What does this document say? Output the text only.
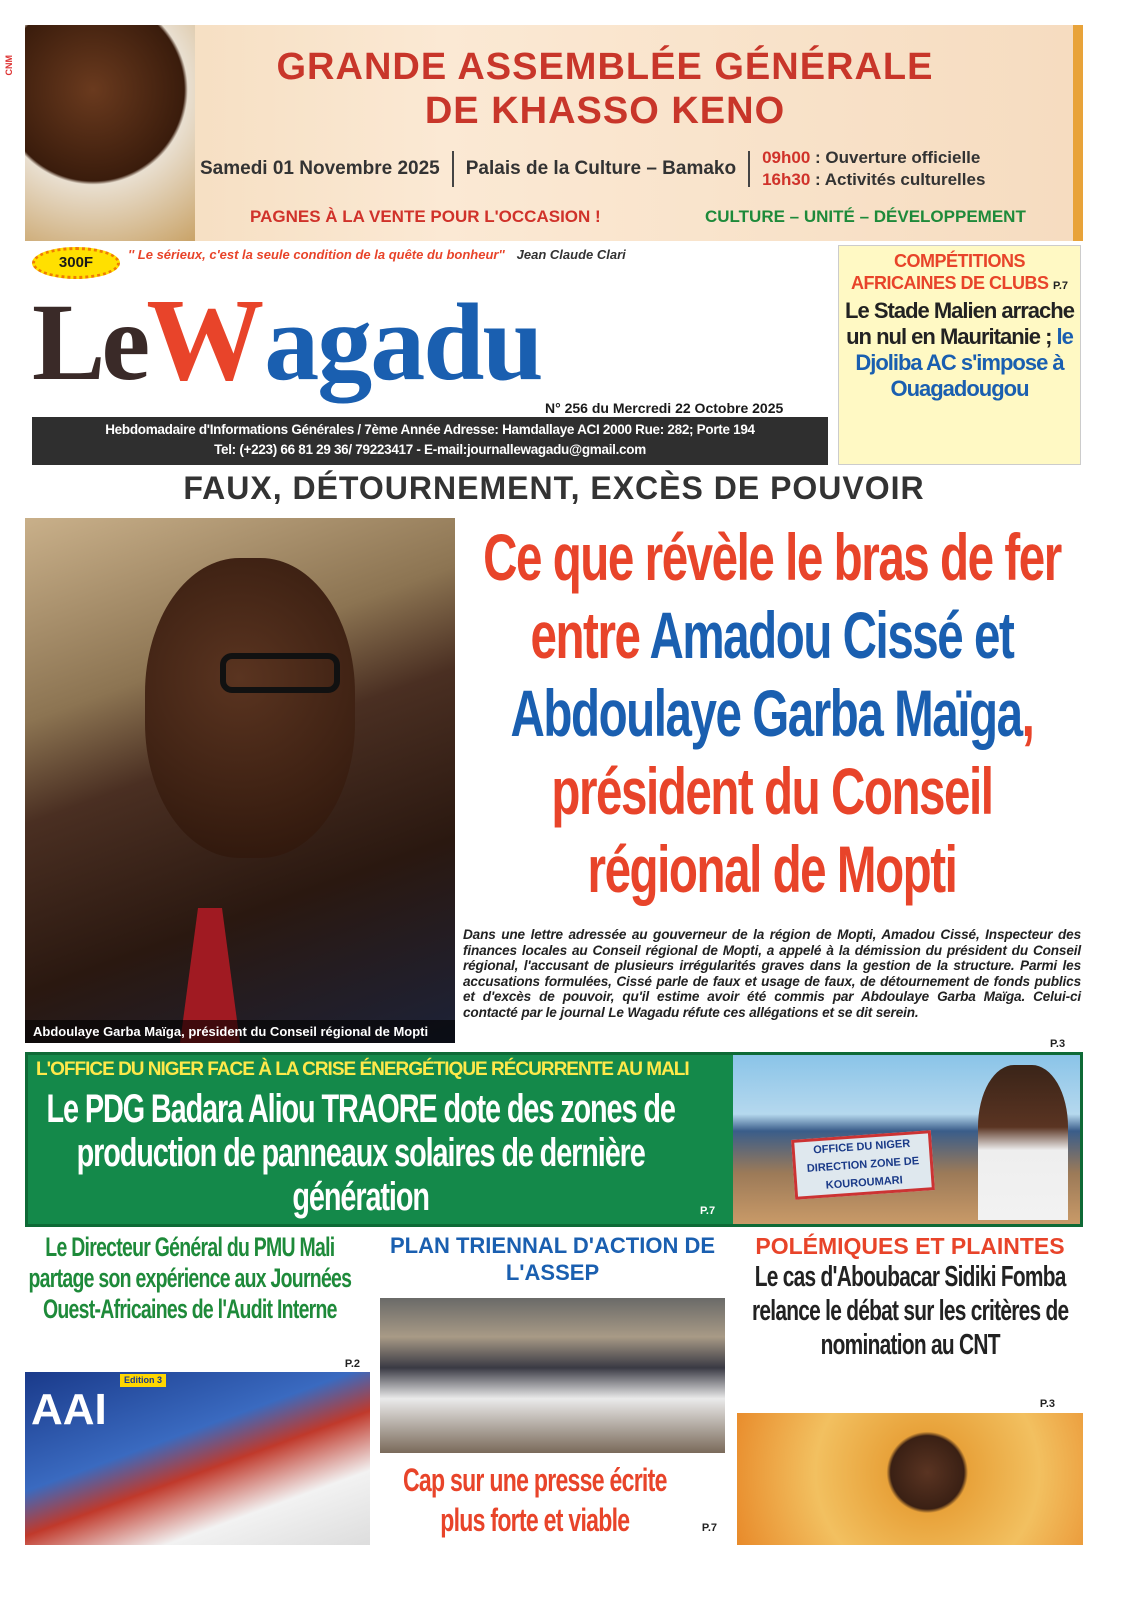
CNM	GRANDE ASSEMBLÉE GÉNÉRALE
DE KHASSO KENO
Samedi 01 Novembre 2025 Palais de la Culture – Bamako
09h00 : Ouverture officielle
16h30 : Activités culturelles
PAGNES À LA VENTE POUR L'OCCASION !	CULTURE – UNITÉ – DÉVELOPPEMENT
300F	'' Le sérieux, c'est la seule condition de la quête du bonheur'' Jean Claude Clari
Le W agadu
N° 256 du Mercredi 22 Octobre 2025
Hebdomadaire d'Informations Générales / 7ème Année Adresse: Hamdallaye ACI 2000 Rue: 282; Porte 194
Tel: (+223) 66 81 29 36/ 79223417 - E-mail:journallewagadu@gmail.com
COMPÉTITIONS AFRICAINES DE CLUBS P.7
Le Stade Malien arrache un nul en Mauritanie ; le Djoliba AC s'impose à Ouagadougou
FAUX, DÉTOURNEMENT, EXCÈS DE POUVOIR
Abdoulaye Garba Maïga, président du Conseil régional de Mopti
Ce que révèle le bras de fer entre Amadou Cissé et Abdoulaye Garba Maïga, président du Conseil régional de Mopti
Dans une lettre adressée au gouverneur de la région de Mopti, Amadou Cissé, Inspecteur des finances locales au Conseil régional de Mopti, a appelé à la démission du président du Conseil régional, l'accusant de plusieurs irrégularités graves dans la gestion de la structure. Parmi les accusations formulées, Cissé parle de faux et usage de faux, de détournement de fonds publics et d'excès de pouvoir, qu'il estime avoir été commis par Abdoulaye Garba Maïga. Celui-ci contacté par le journal Le Wagadu réfute ces allégations et se dit serein.
P.3
L'OFFICE DU NIGER FACE À LA CRISE ÉNERGÉTIQUE RÉCURRENTE AU MALI
Le PDG Badara Aliou TRAORE dote des zones de production de panneaux solaires de dernière génération	P.7
OFFICE DU NIGER DIRECTION ZONE DE KOUROUMARI
Le Directeur Général du PMU Mali partage son expérience aux Journées Ouest-Africaines de l'Audit Interne
P.2
AAI
Edition 3
PLAN TRIENNAL D'ACTION DE L'ASSEP
Cap sur une presse écrite plus forte et viable	P.7
POLÉMIQUES ET PLAINTES
Le cas d'Aboubacar Sidiki Fomba relance le débat sur les critères de nomination au CNT
P.3
